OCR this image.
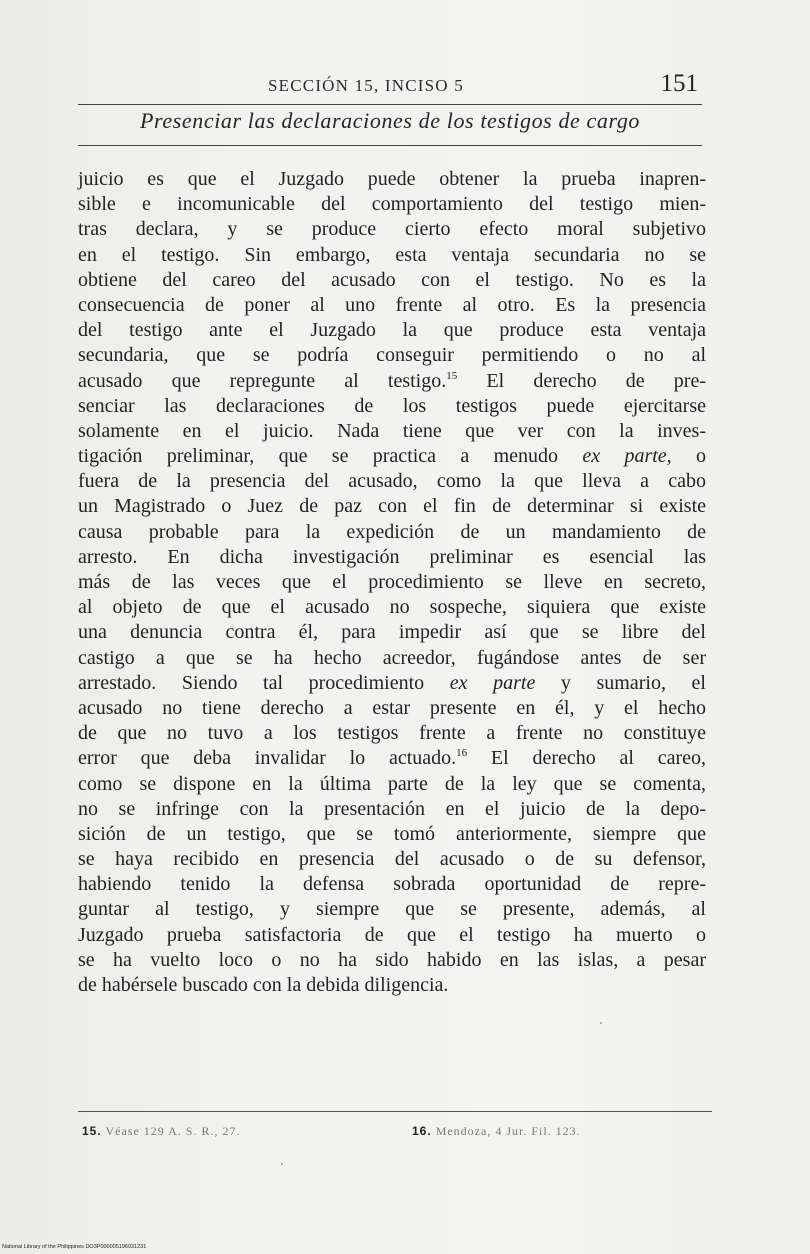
SECCIÓN 15, INCISO 5	151
Presenciar las declaraciones de los testigos de cargo
juicio es que el Juzgado puede obtener la prueba inapren-
sible e incomunicable del comportamiento del testigo mien-
tras declara, y se produce cierto efecto moral subjetivo
en el testigo. Sin embargo, esta ventaja secundaria no se
obtiene del careo del acusado con el testigo. No es la
consecuencia de poner al uno frente al otro. Es la presencia
del testigo ante el Juzgado la que produce esta ventaja
secundaria, que se podría conseguir permitiendo o no al
acusado que repregunte al testigo.$^{15}$ El derecho de pre-
senciar las declaraciones de los testigos puede ejercitarse
solamente en el juicio. Nada tiene que ver con la inves-
tigación preliminar, que se practica a menudo ex parte, o
fuera de la presencia del acusado, como la que lleva a cabo
un Magistrado o Juez de paz con el fin de determinar si existe
causa probable para la expedición de un mandamiento de
arresto. En dicha investigación preliminar es esencial las
más de las veces que el procedimiento se lleve en secreto,
al objeto de que el acusado no sospeche, siquiera que existe
una denuncia contra él, para impedir así que se libre del
castigo a que se ha hecho acreedor, fugándose antes de ser
arrestado. Siendo tal procedimiento ex parte y sumario, el
acusado no tiene derecho a estar presente en él, y el hecho
de que no tuvo a los testigos frente a frente no constituye
error que deba invalidar lo actuado.$^{16}$ El derecho al careo,
como se dispone en la última parte de la ley que se comenta,
no se infringe con la presentación en el juicio de la depo-
sición de un testigo, que se tomó anteriormente, siempre que
se haya recibido en presencia del acusado o de su defensor,
habiendo tenido la defensa sobrada oportunidad de repre-
guntar al testigo, y siempre que se presente, además, al
Juzgado prueba satisfactoria de que el testigo ha muerto o
se ha vuelto loco o no ha sido habido en las islas, a pesar
de habérsele buscado con la debida diligencia.
15. Véase 129 A. S. R., 27.	16. Mendoza, 4 Jur. Fil. 123.
National Library of the Philippines DO3P000005196031231
